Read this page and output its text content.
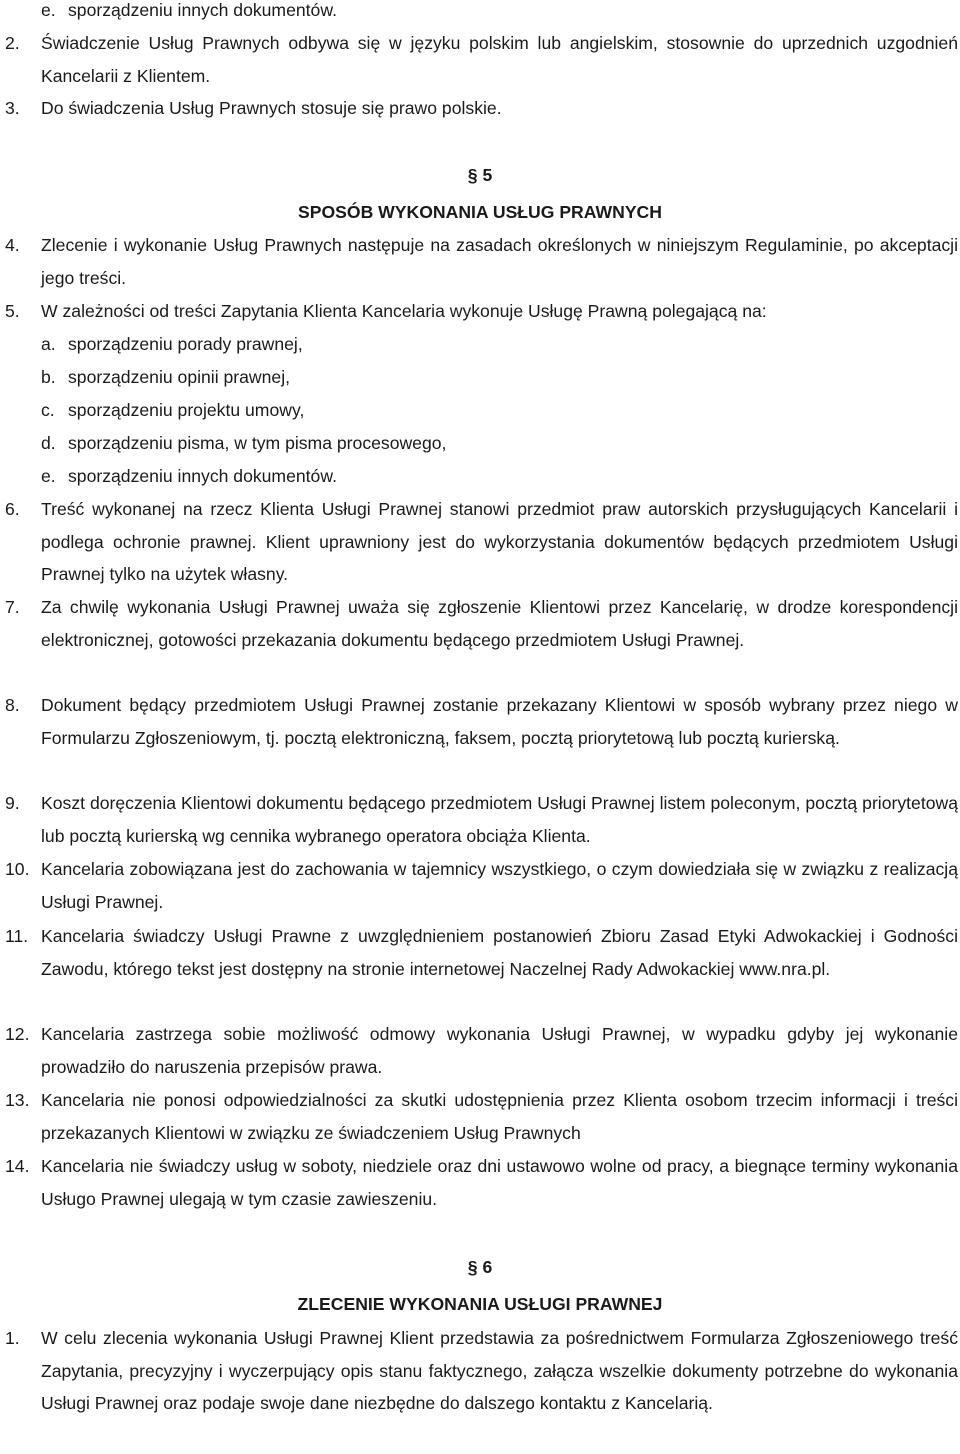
e. sporządzeniu innych dokumentów.
2. Świadczenie Usług Prawnych odbywa się w języku polskim lub angielskim, stosownie do uprzednich uzgodnień Kancelarii z Klientem.
3. Do świadczenia Usług Prawnych stosuje się prawo polskie.
§ 5
SPOSÓB WYKONANIA USŁUG PRAWNYCH
4. Zlecenie i wykonanie Usług Prawnych następuje na zasadach określonych w niniejszym Regulaminie, po akceptacji jego treści.
5. W zależności od treści Zapytania Klienta Kancelaria wykonuje Usługę Prawną polegającą na:
a. sporządzeniu porady prawnej,
b. sporządzeniu opinii prawnej,
c. sporządzeniu projektu umowy,
d. sporządzeniu pisma, w tym pisma procesowego,
e. sporządzeniu innych dokumentów.
6. Treść wykonanej na rzecz Klienta Usługi Prawnej stanowi przedmiot praw autorskich przysługujących Kancelarii i podlega ochronie prawnej. Klient uprawniony jest do wykorzystania dokumentów będących przedmiotem Usługi Prawnej tylko na użytek własny.
7. Za chwilę wykonania Usługi Prawnej uważa się zgłoszenie Klientowi przez Kancelarię, w drodze korespondencji elektronicznej, gotowości przekazania dokumentu będącego przedmiotem Usługi Prawnej.
8. Dokument będący przedmiotem Usługi Prawnej zostanie przekazany Klientowi w sposób wybrany przez niego w Formularzu Zgłoszeniowym, tj. pocztą elektroniczną, faksem, pocztą priorytetową lub pocztą kurierską.
9. Koszt doręczenia Klientowi dokumentu będącego przedmiotem Usługi Prawnej listem poleconym, pocztą priorytetową lub pocztą kurierską wg cennika wybranego operatora obciąża Klienta.
10. Kancelaria zobowiązana jest do zachowania w tajemnicy wszystkiego, o czym dowiedziała się w związku z realizacją Usługi Prawnej.
11. Kancelaria świadczy Usługi Prawne z uwzględnieniem postanowień Zbioru Zasad Etyki Adwokackiej i Godności Zawodu, którego tekst jest dostępny na stronie internetowej Naczelnej Rady Adwokackiej www.nra.pl.
12. Kancelaria zastrzega sobie możliwość odmowy wykonania Usługi Prawnej, w wypadku gdyby jej wykonanie prowadziło do naruszenia przepisów prawa.
13. Kancelaria nie ponosi odpowiedzialności za skutki udostępnienia przez Klienta osobom trzecim informacji i treści przekazanych Klientowi w związku ze świadczeniem Usług Prawnych
14. Kancelaria nie świadczy usług w soboty, niedziele oraz dni ustawowo wolne od pracy, a biegnące terminy wykonania Usługo Prawnej ulegają w tym czasie zawieszeniu.
§ 6
ZLECENIE WYKONANIA USŁUGI PRAWNEJ
1. W celu zlecenia wykonania Usługi Prawnej Klient przedstawia za pośrednictwem Formularza Zgłoszeniowego treść Zapytania, precyzyjny i wyczerpujący opis stanu faktycznego, załącza wszelkie dokumenty potrzebne do wykonania Usługi Prawnej oraz podaje swoje dane niezbędne do dalszego kontaktu z Kancelarią.
